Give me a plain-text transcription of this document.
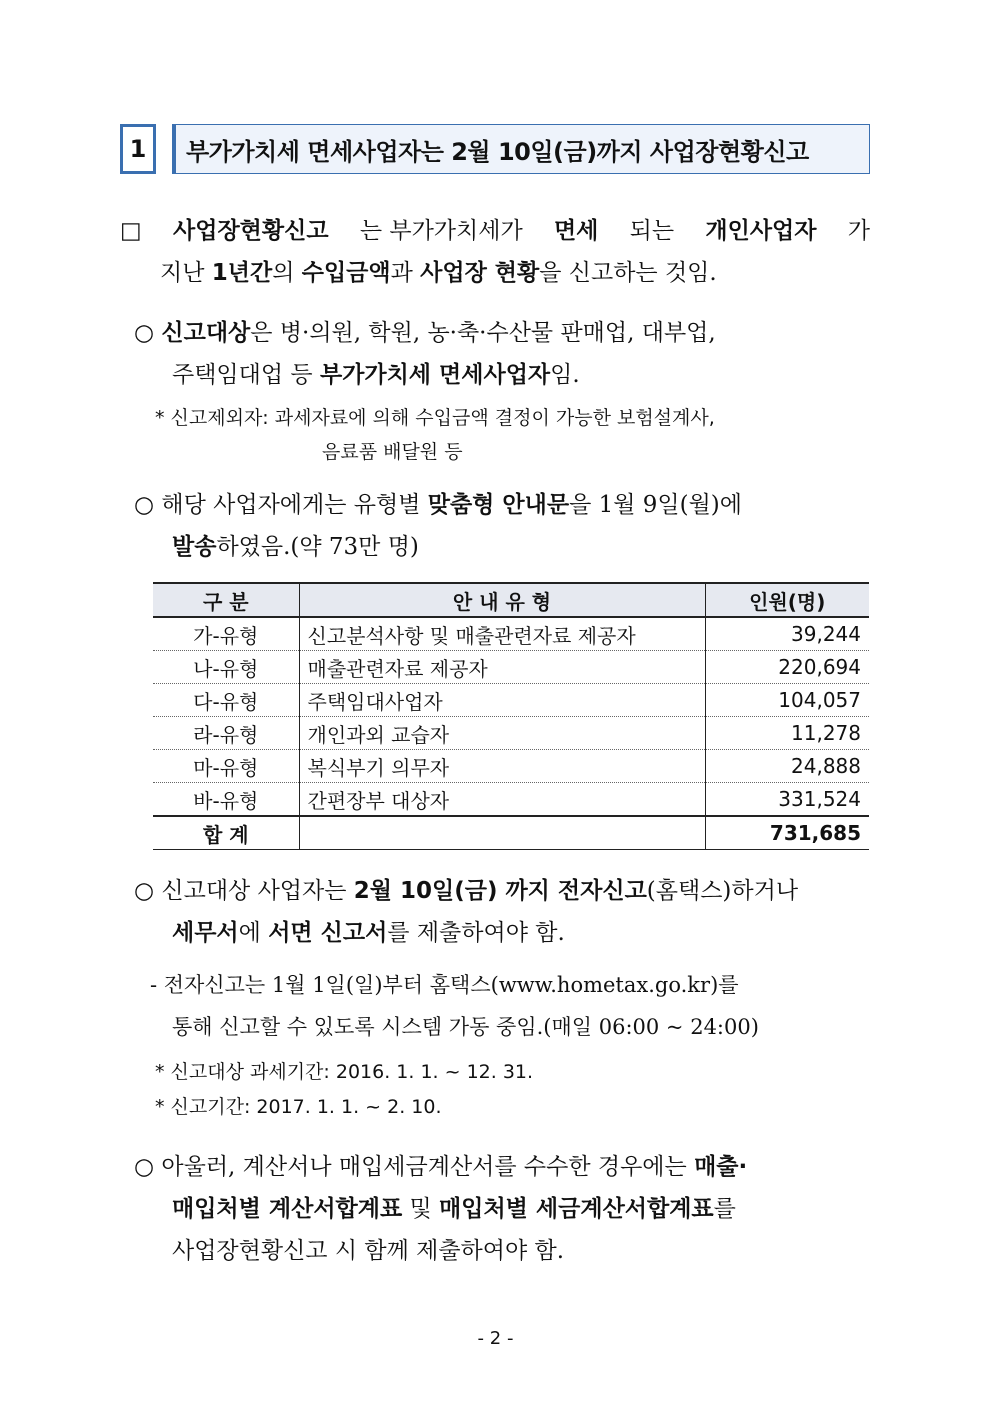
1	부가가치세 면세사업자는 2월 10일(금)까지 사업장현황신고
□ 사업장현황신고 는 부가가치세가 면세 되는 개인사업자 가
지난 1년간의 수입금액과 사업장 현황을 신고하는 것임.
○ 신고대상은 병·의원, 학원, 농·축·수산물 판매업, 대부업,
주택임대업 등 부가가치세 면세사업자임.
* 신고제외자: 과세자료에 의해 수입금액 결정이 가능한 보험설계사,
음료품 배달원 등
○ 해당 사업자에게는 유형별 맞춤형 안내문을 1월 9일(월)에
발송하였음.(약 73만 명)
구 분	안 내 유 형	인원(명)
가-유형	신고분석사항 및 매출관련자료 제공자	39,244
나-유형	매출관련자료 제공자	220,694
다-유형	주택임대사업자	104,057
라-유형	개인과외 교습자	11,278
마-유형	복식부기 의무자	24,888
바-유형	간편장부 대상자	331,524
합 계		731,685
○ 신고대상 사업자는 2월 10일(금) 까지 전자신고(홈택스)하거나
세무서에 서면 신고서를 제출하여야 함.
- 전자신고는 1월 1일(일)부터 홈택스(www.hometax.go.kr)를
통해 신고할 수 있도록 시스템 가동 중임.(매일 06:00 ~ 24:00)
* 신고대상 과세기간: 2016. 1. 1. ~ 12. 31.
* 신고기간: 2017. 1. 1. ~ 2. 10.
○ 아울러, 계산서나 매입세금계산서를 수수한 경우에는 매출·
매입처별 계산서합계표 및 매입처별 세금계산서합계표를
사업장현황신고 시 함께 제출하여야 함.
- 2 -
